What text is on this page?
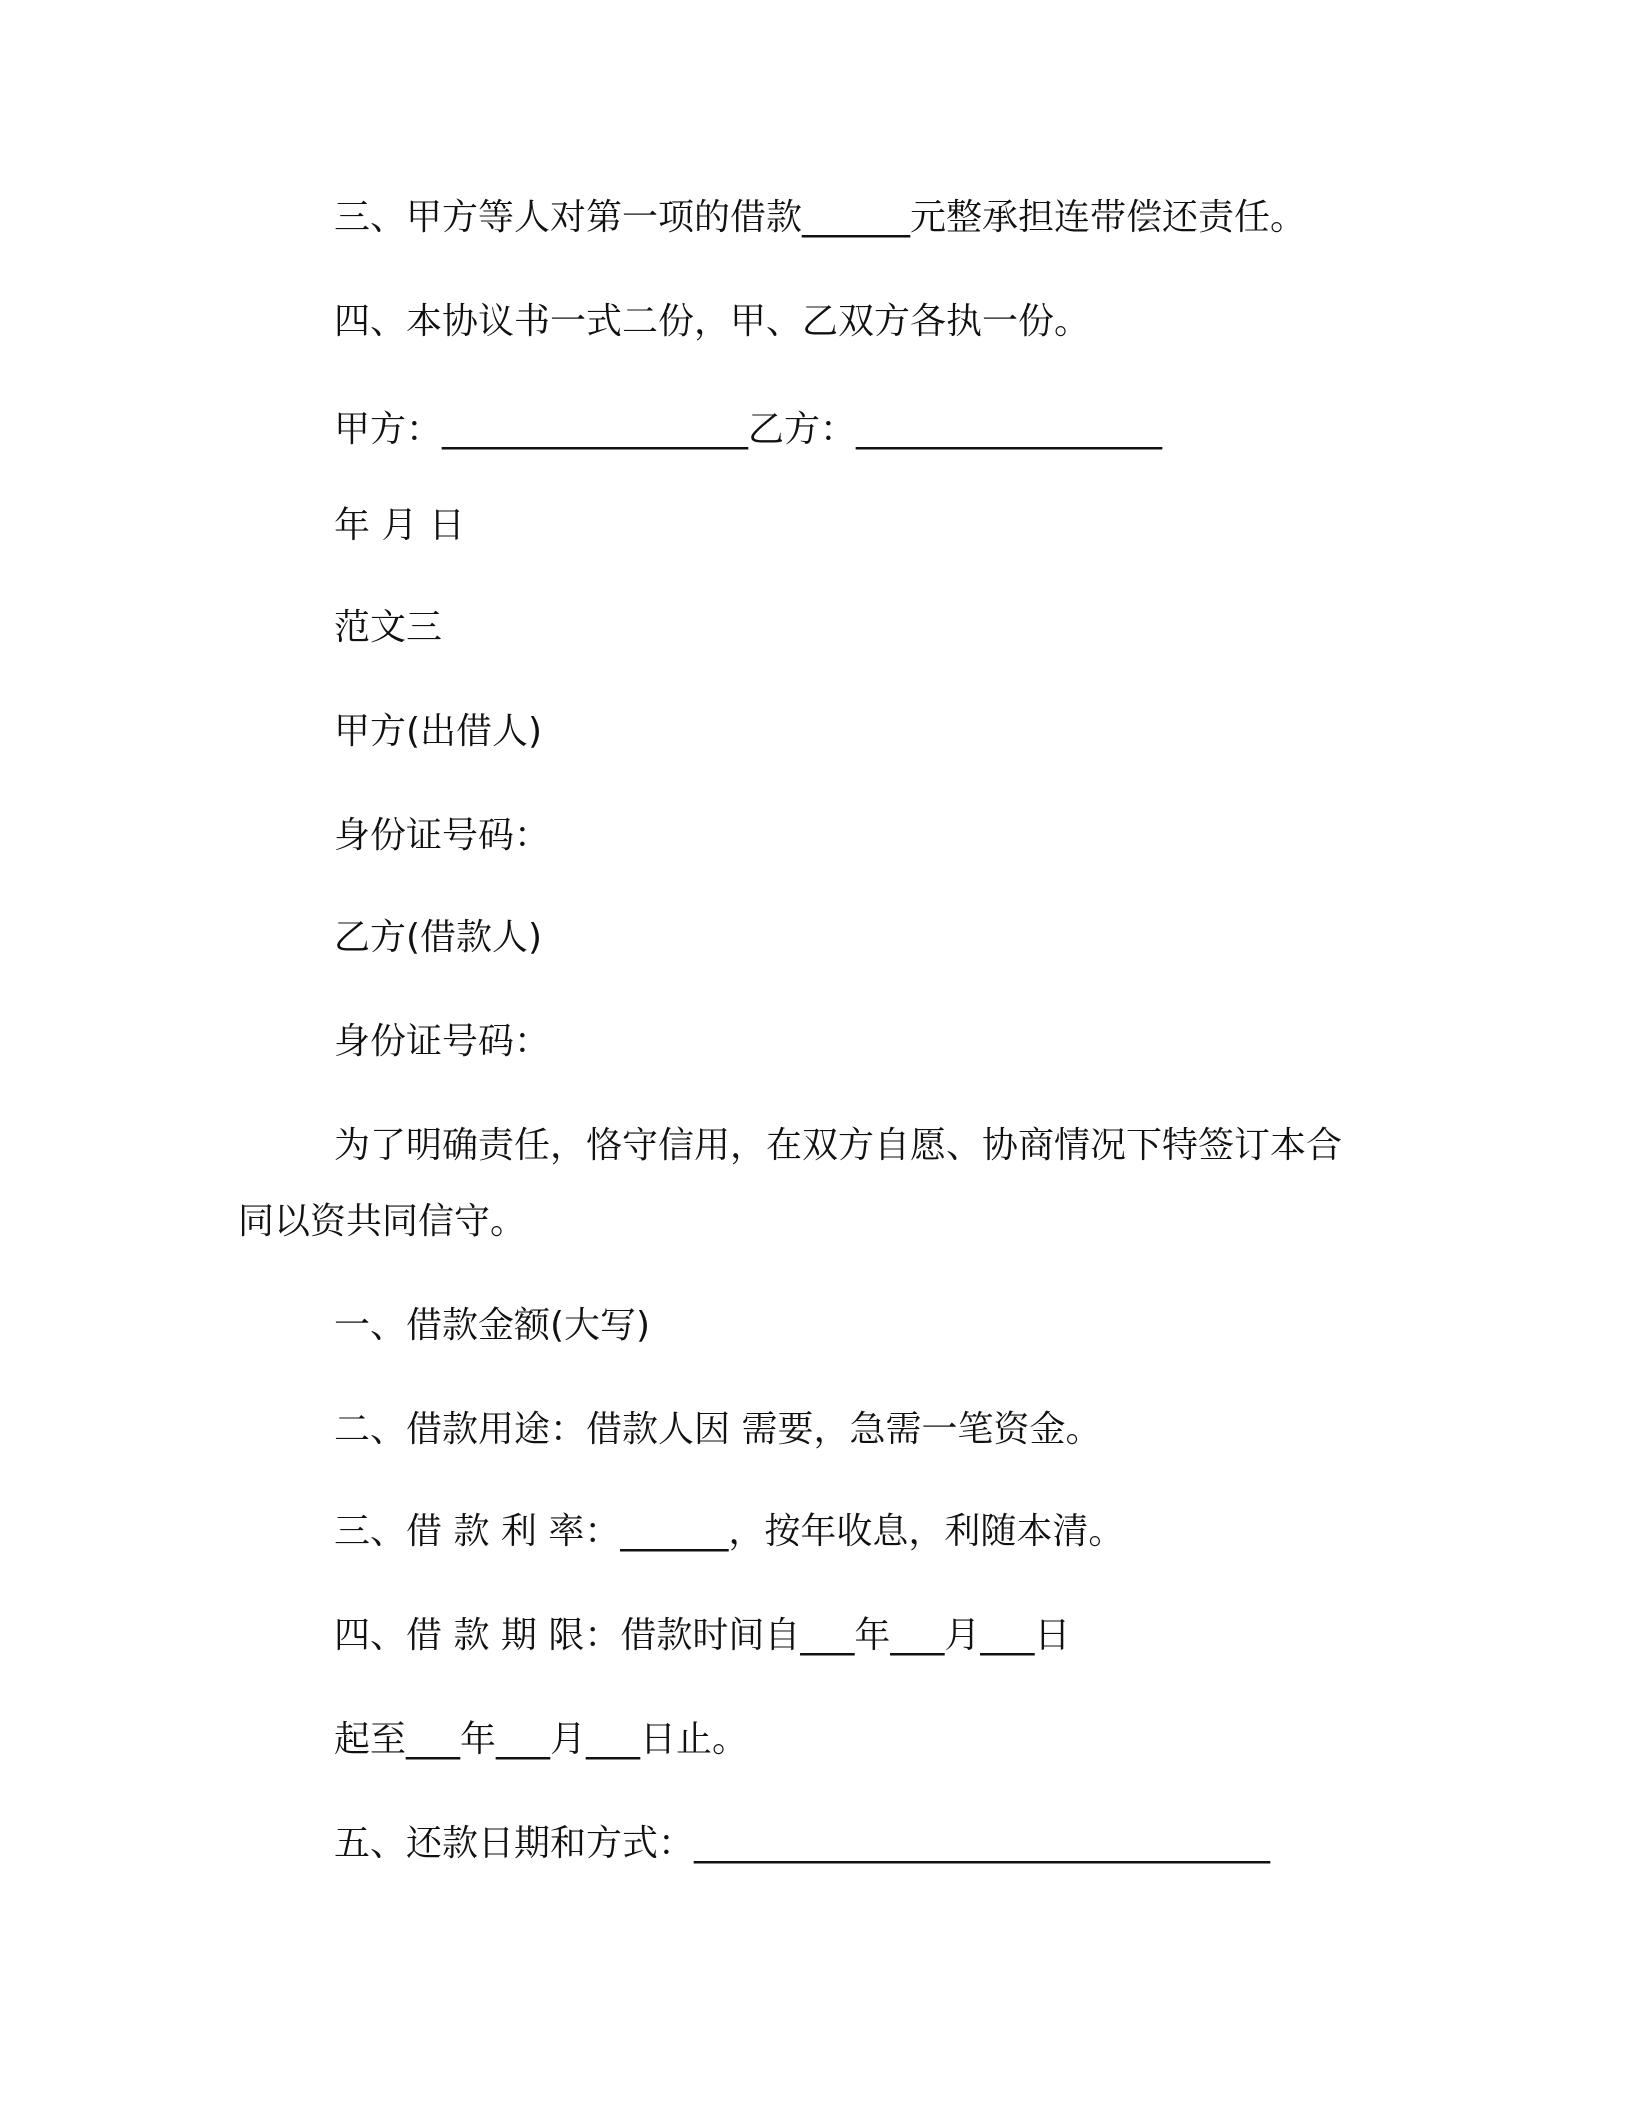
三、甲方等人对第一项的借款______元整承担连带偿还责任。
四、本协议书一式二份，甲、乙双方各执一份。
甲方：_________________乙方：_________________
年 月 日
范文三
甲方(出借人)
身份证号码：
乙方(借款人)
身份证号码：
为了明确责任，恪守信用，在双方自愿、协商情况下特签订本合
同以资共同信守。
一、借款金额(大写)
二、借款用途：借款人因 需要，急需一笔资金。
三、借 款 利 率：______，按年收息，利随本清。
四、借 款 期 限：借款时间自___年___月___日
起至___年___月___日止。
五、还款日期和方式：________________________________
